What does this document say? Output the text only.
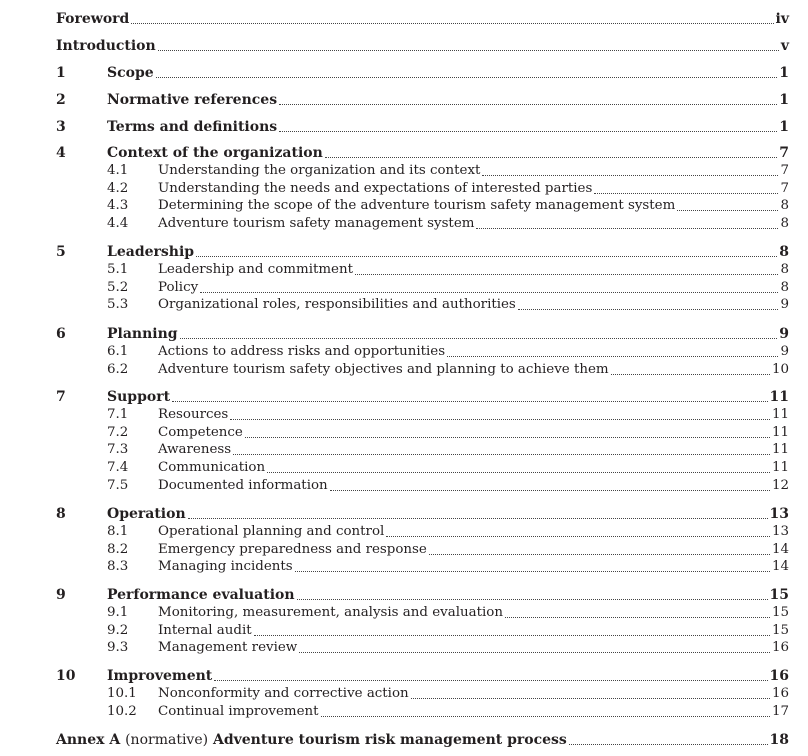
Foreword	iv
Introduction	v
1	Scope	1
2	Normative references	1
3	Terms and definitions	1
4	Context of the organization	7
4.1	Understanding the organization and its context	7
4.2	Understanding the needs and expectations of interested parties	7
4.3	Determining the scope of the adventure tourism safety management system	8
4.4	Adventure tourism safety management system	8
5	Leadership	8
5.1	Leadership and commitment	8
5.2	Policy	8
5.3	Organizational roles, responsibilities and authorities	9
6	Planning	9
6.1	Actions to address risks and opportunities	9
6.2	Adventure tourism safety objectives and planning to achieve them	10
7	Support	11
7.1	Resources	11
7.2	Competence	11
7.3	Awareness	11
7.4	Communication	11
7.5	Documented information	12
8	Operation	13
8.1	Operational planning and control	13
8.2	Emergency preparedness and response	14
8.3	Managing incidents	14
9	Performance evaluation	15
9.1	Monitoring, measurement, analysis and evaluation	15
9.2	Internal audit	15
9.3	Management review	16
10	Improvement	16
10.1	Nonconformity and corrective action	16
10.2	Continual improvement	17
Annex A (normative) Adventure tourism risk management process	18
